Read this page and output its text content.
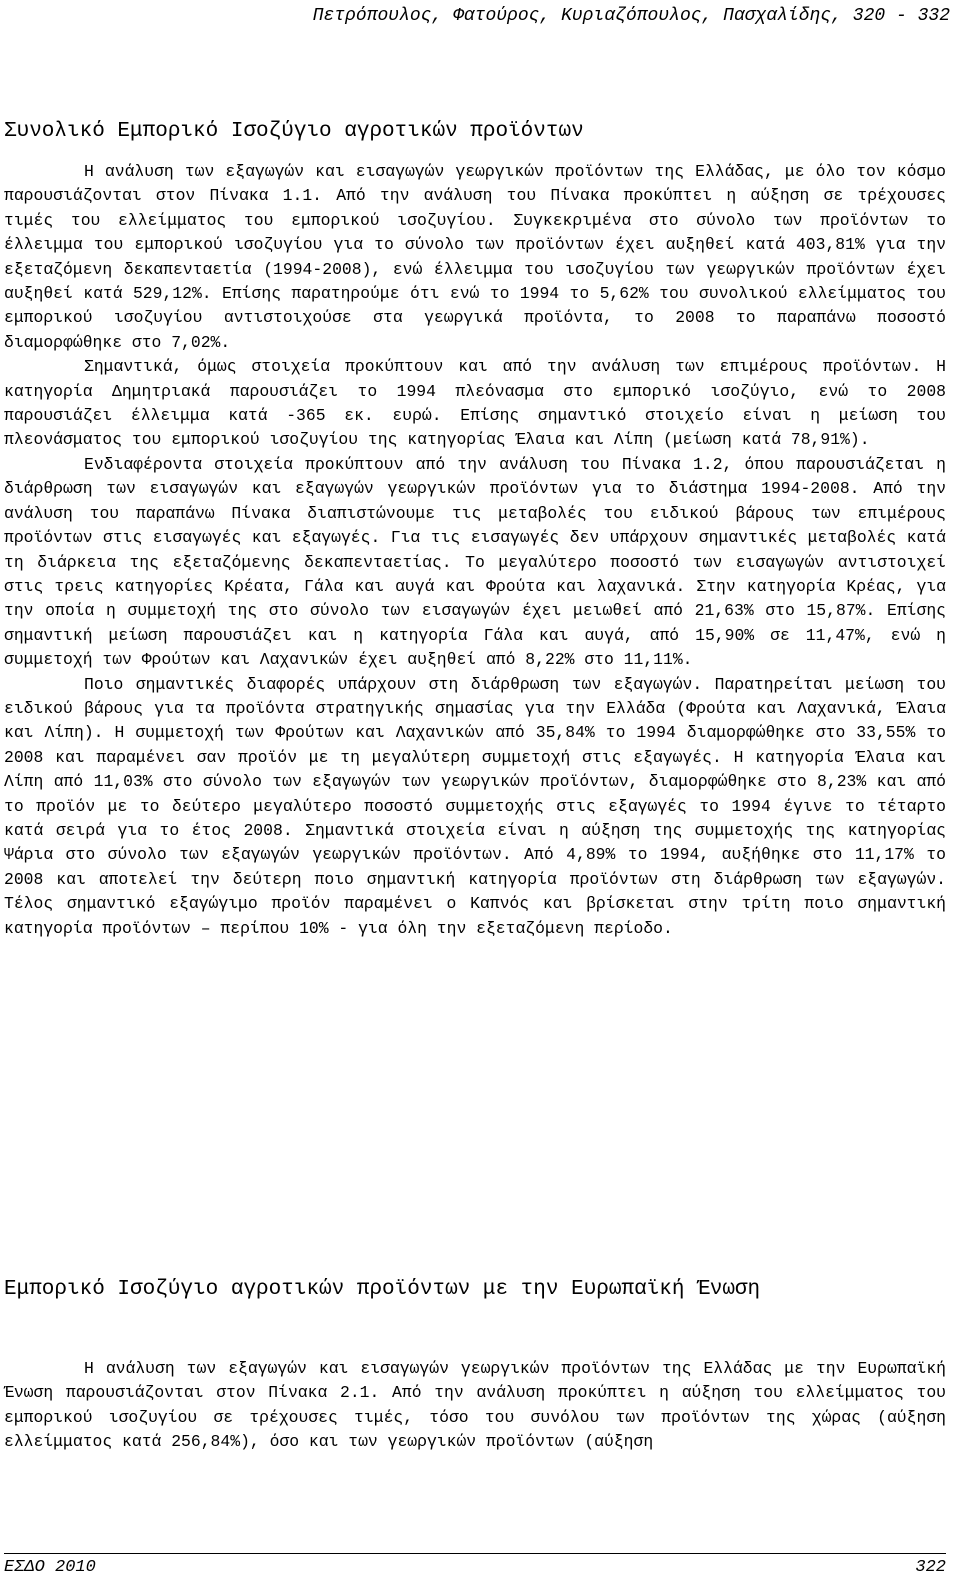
Πετρόπουλος, Φατούρος, Κυριαζόπουλος, Πασχαλίδης, 320 - 332
Συνολικό Εμπορικό Ισοζύγιο αγροτικών προϊόντων

Η ανάλυση των εξαγωγών και εισαγωγών γεωργικών προϊόντων της Ελλάδας, με όλο τον κόσμο παρουσιάζονται στον Πίνακα 1.1. Από την ανάλυση του Πίνακα προκύπτει η αύξηση σε τρέχουσες τιμές του ελλείμματος του εμπορικού ισοζυγίου. Συγκεκριμένα στο σύνολο των προϊόντων το έλλειμμα του εμπορικού ισοζυγίου για το σύνολο των προϊόντων έχει αυξηθεί κατά 403,81% για την εξεταζόμενη δεκαπενταετία (1994-2008), ενώ έλλειμμα του ισοζυγίου των γεωργικών προϊόντων έχει αυξηθεί κατά 529,12%. Επίσης παρατηρούμε ότι ενώ το 1994 το 5,62% του συνολικού ελλείμματος του εμπορικού ισοζυγίου αντιστοιχούσε στα γεωργικά προϊόντα, το 2008 το παραπάνω ποσοστό διαμορφώθηκε στο 7,02%.

Σημαντικά, όμως στοιχεία προκύπτουν και από την ανάλυση των επιμέρους προϊόντων. Η κατηγορία Δημητριακά παρουσιάζει το 1994 πλεόνασμα στο εμπορικό ισοζύγιο, ενώ το 2008 παρουσιάζει έλλειμμα κατά -365 εκ. ευρώ. Επίσης σημαντικό στοιχείο είναι η μείωση του πλεονάσματος του εμπορικού ισοζυγίου της κατηγορίας Έλαια και Λίπη (μείωση κατά 78,91%).

Ενδιαφέροντα στοιχεία προκύπτουν από την ανάλυση του Πίνακα 1.2, όπου παρουσιάζεται η διάρθρωση των εισαγωγών και εξαγωγών γεωργικών προϊόντων για το διάστημα 1994-2008. Από την ανάλυση του παραπάνω Πίνακα διαπιστώνουμε τις μεταβολές του ειδικού βάρους των επιμέρους προϊόντων στις εισαγωγές και εξαγωγές. Για τις εισαγωγές δεν υπάρχουν σημαντικές μεταβολές κατά τη διάρκεια της εξεταζόμενης δεκαπενταετίας. Το μεγαλύτερο ποσοστό των εισαγωγών αντιστοιχεί στις τρεις κατηγορίες Κρέατα, Γάλα και αυγά και Φρούτα και λαχανικά. Στην κατηγορία Κρέας, για την οποία η συμμετοχή της στο σύνολο των εισαγωγών έχει μειωθεί από 21,63% στο 15,87%. Επίσης σημαντική μείωση παρουσιάζει και η κατηγορία Γάλα και αυγά, από 15,90% σε 11,47%, ενώ η συμμετοχή των Φρούτων και Λαχανικών έχει αυξηθεί από 8,22% στο 11,11%.

Ποιο σημαντικές διαφορές υπάρχουν στη διάρθρωση των εξαγωγών. Παρατηρείται μείωση του ειδικού βάρους για τα προϊόντα στρατηγικής σημασίας για την Ελλάδα (Φρούτα και Λαχανικά, Έλαια και Λίπη). Η συμμετοχή των Φρούτων και Λαχανικών από 35,84% το 1994 διαμορφώθηκε στο 33,55% το 2008 και παραμένει σαν προϊόν με τη μεγαλύτερη συμμετοχή στις εξαγωγές. Η κατηγορία Έλαια και Λίπη από 11,03% στο σύνολο των εξαγωγών των γεωργικών προϊόντων, διαμορφώθηκε στο 8,23% και από το προϊόν με το δεύτερο μεγαλύτερο ποσοστό συμμετοχής στις εξαγωγές το 1994 έγινε το τέταρτο κατά σειρά για το έτος 2008. Σημαντικά στοιχεία είναι η αύξηση της συμμετοχής της κατηγορίας Ψάρια στο σύνολο των εξαγωγών γεωργικών προϊόντων. Από 4,89% το 1994, αυξήθηκε στο 11,17% το 2008 και αποτελεί την δεύτερη ποιο σημαντική κατηγορία προϊόντων στη διάρθρωση των εξαγωγών. Τέλος σημαντικό εξαγώγιμο προϊόν παραμένει ο Καπνός και βρίσκεται στην τρίτη ποιο σημαντική κατηγορία προϊόντων – περίπου 10% - για όλη την εξεταζόμενη περίοδο.

Εμπορικό Ισοζύγιο αγροτικών προϊόντων με την Ευρωπαϊκή Ένωση

Η ανάλυση των εξαγωγών και εισαγωγών γεωργικών προϊόντων της Ελλάδας με την Ευρωπαϊκή Ένωση παρουσιάζονται στον Πίνακα 2.1. Από την ανάλυση προκύπτει η αύξηση του ελλείμματος του εμπορικού ισοζυγίου σε τρέχουσες τιμές, τόσο του συνόλου των προϊόντων της χώρας (αύξηση ελλείμματος κατά 256,84%), όσο και των γεωργικών προϊόντων (αύξηση

ΕΣΔΟ 2010	322
